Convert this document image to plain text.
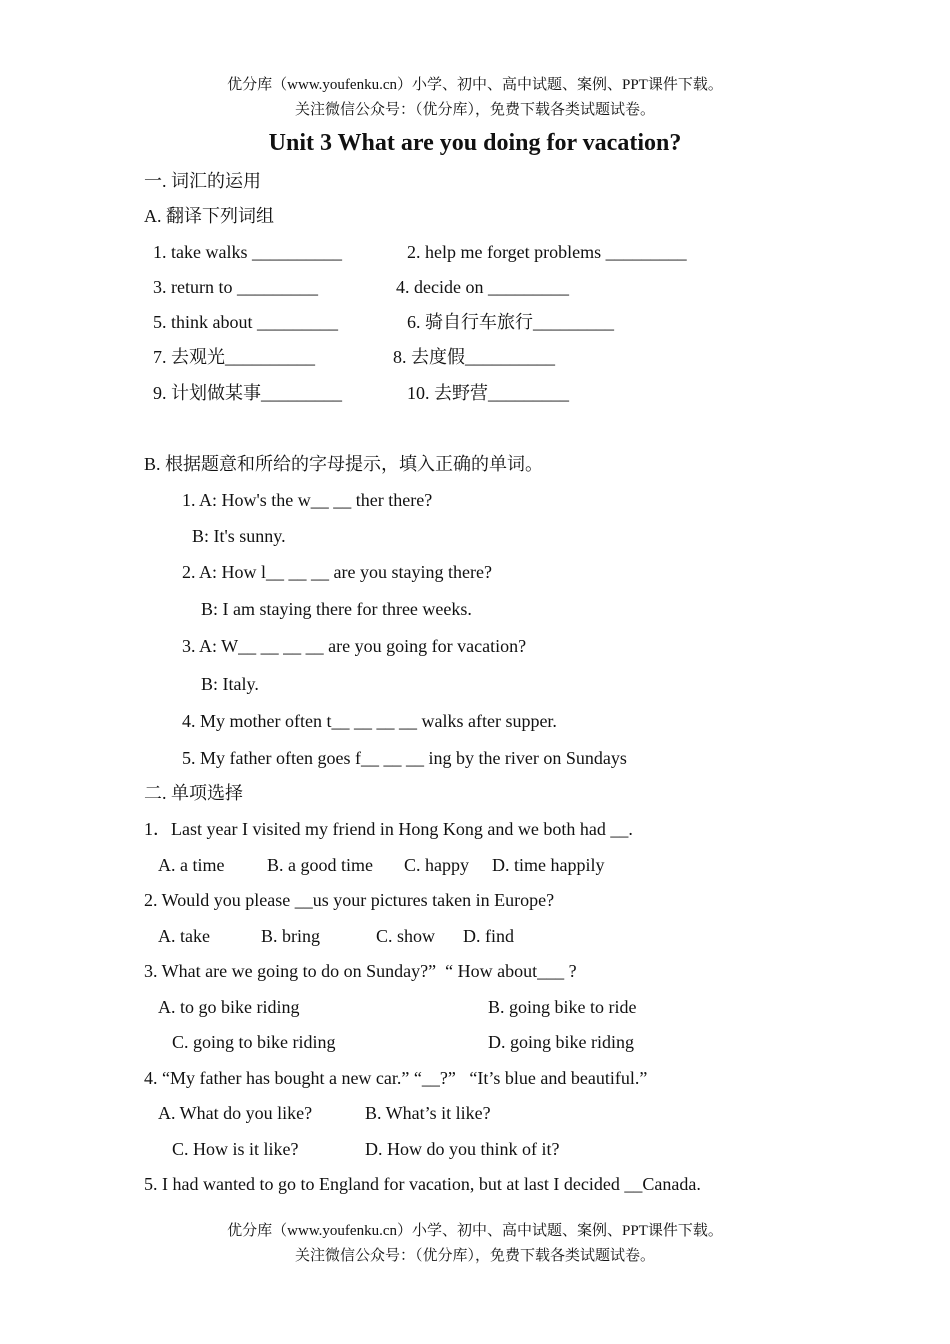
优分库（www.youfenku.cn）小学、初中、高中试题、案例、PPT课件下载。
关注微信公众号：（优分库），免费下载各类试题试卷。
Unit 3 What are you doing for vacation?
一. 词汇的运用
A. 翻译下列词组
1. take walks __________	2. help me forget problems _________
3. return to _________	4. decide on _________
5. think about _________	6. 骑自行车旅行_________
7. 去观光__________	8. 去度假__________
9. 计划做某事_________	10. 去野营_________
B. 根据题意和所给的字母提示，填入正确的单词。
1. A: How's the w__ __ ther there?
B: It's sunny.
2. A: How l__ __ __ are you staying there?
B: I am staying there for three weeks.
3. A: W__ __ __ __ are you going for vacation?
B: Italy.
4. My mother often t__ __ __ __ walks after supper.
5. My father often goes f__ __ __ ing by the river on Sundays
二. 单项选择
1．Last year I visited my friend in Hong Kong and we both had __.
A. a time B. a good time C. happy D. time happily
2. Would you please __us your pictures taken in Europe?
A. take	B. bring	C. show D. find
3. What are we going to do on Sunday?”  “ How about___ ?
A. to go bike riding	B. going bike to ride
C. going to bike riding	D. going bike riding
4. “My father has bought a new car.” “__?”   “It’s blue and beautiful.”
A. What do you like?	B. What’s it like?
C. How is it like?	D. How do you think of it?
5. I had wanted to go to England for vacation, but at last I decided __Canada.
优分库（www.youfenku.cn）小学、初中、高中试题、案例、PPT课件下载。
关注微信公众号：（优分库），免费下载各类试题试卷。
